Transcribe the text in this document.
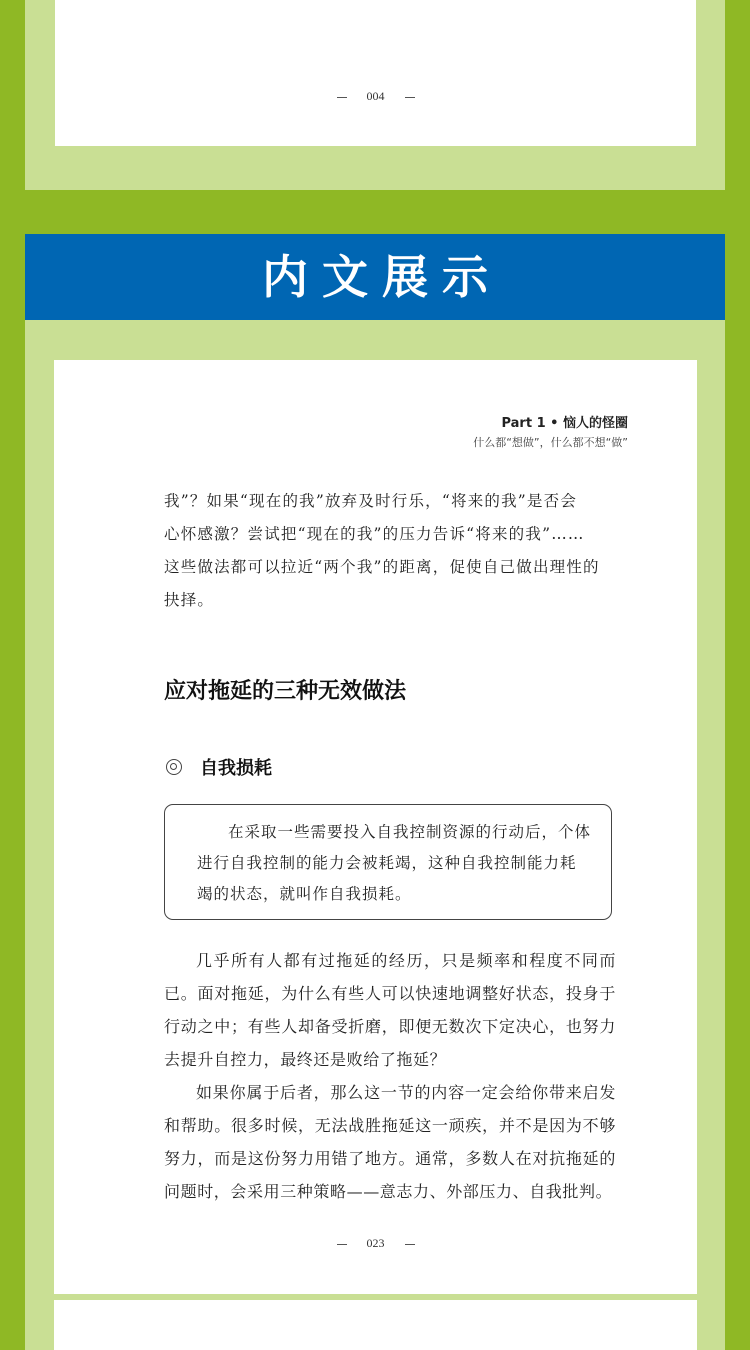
004
内文展示
Part 1 • 恼人的怪圈
什么都“想做”，什么都不想“做”

我”？如果“现在的我”放弃及时行乐，“将来的我”是否会

心怀感激？尝试把“现在的我”的压力告诉“将来的我”……

这些做法都可以拉近“两个我”的距离，促使自己做出理性的

抉择。

应对拖延的三种无效做法
自我损耗

在采取一些需要投入自我控制资源的行动后，个体进行自我控制的能力会被耗竭，这种自我控制能力耗竭的状态，就叫作自我损耗。

几乎所有人都有过拖延的经历，只是频率和程度不同而已。面对拖延，为什么有些人可以快速地调整好状态，投身于行动之中；有些人却备受折磨，即便无数次下定决心，也努力去提升自控力，最终还是败给了拖延？

如果你属于后者，那么这一节的内容一定会给你带来启发和帮助。很多时候，无法战胜拖延这一顽疾，并不是因为不够努力，而是这份努力用错了地方。通常，多数人在对抗拖延的问题时，会采用三种策略——意志力、外部压力、自我批判。

023
